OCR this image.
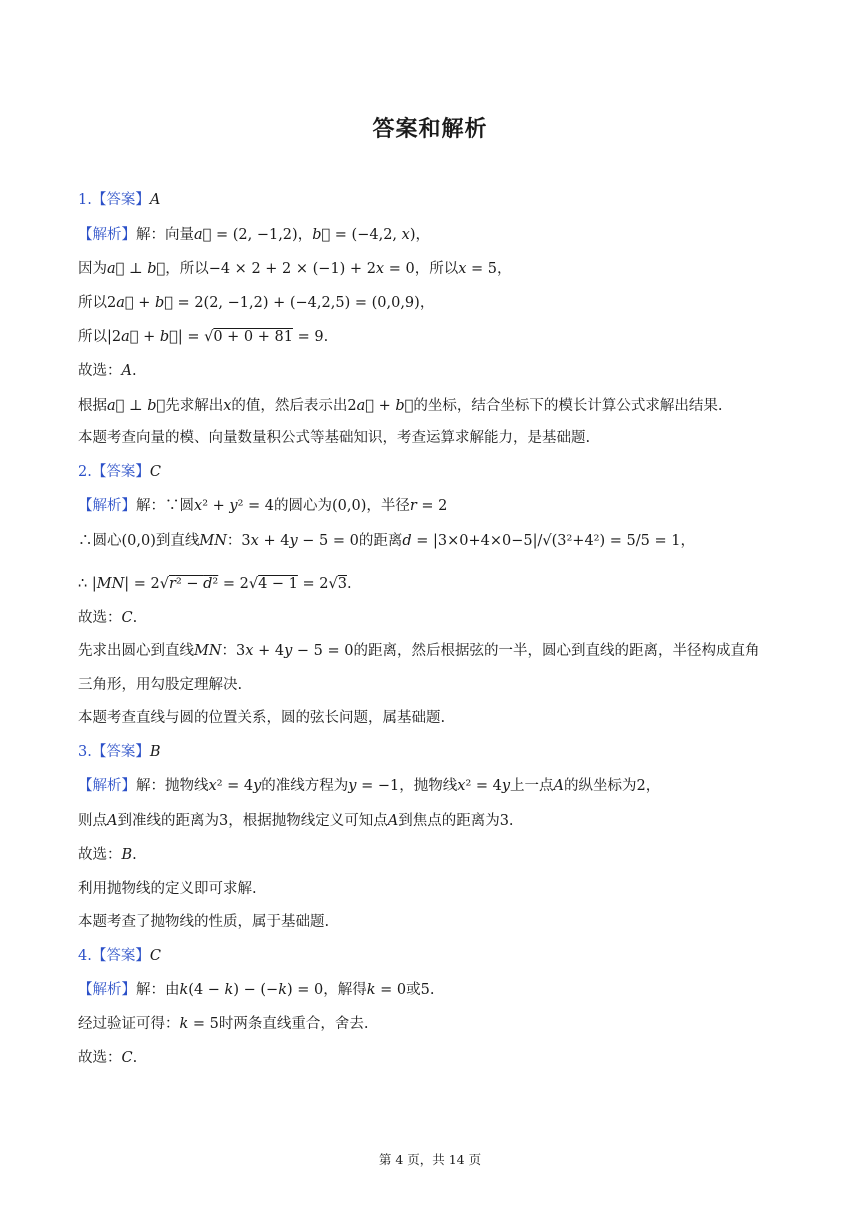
答案和解析
1.【答案】A
【解析】解：向量a⃗ = (2, −1,2)，b⃗ = (−4,2, x)，
因为a⃗ ⊥ b⃗，所以−4 × 2 + 2 × (−1) + 2x = 0，所以x = 5，
所以2a⃗ + b⃗ = 2(2, −1,2) + (−4,2,5) = (0,0,9)，
所以|2a⃗ + b⃗| = √0 + 0 + 81 = 9.
故选：A.
根据a⃗ ⊥ b⃗先求解出x的值，然后表示出2a⃗ + b⃗的坐标，结合坐标下的模长计算公式求解出结果.
本题考查向量的模、向量数量积公式等基础知识，考查运算求解能力，是基础题.
2.【答案】C
【解析】解：∵圆x² + y² = 4的圆心为(0,0)，半径r = 2
∴圆心(0,0)到直线MN：3x + 4y − 5 = 0的距离d = |3×0+4×0−5|/√(3²+4²) = 5/5 = 1，
∴ |MN| = 2√r² − d² = 2√4 − 1 = 2√3.
故选：C.
先求出圆心到直线MN：3x + 4y − 5 = 0的距离，然后根据弦的一半，圆心到直线的距离，半径构成直角
三角形，用勾股定理解决.
本题考查直线与圆的位置关系，圆的弦长问题，属基础题.
3.【答案】B
【解析】解：抛物线x² = 4y的准线方程为y = −1，抛物线x² = 4y上一点A的纵坐标为2，
则点A到准线的距离为3，根据抛物线定义可知点A到焦点的距离为3.
故选：B.
利用抛物线的定义即可求解.
本题考查了抛物线的性质，属于基础题.
4.【答案】C
【解析】解：由k(4 − k) − (−k) = 0，解得k = 0或5.
经过验证可得：k = 5时两条直线重合，舍去.
故选：C.
第 4 页，共 14 页
